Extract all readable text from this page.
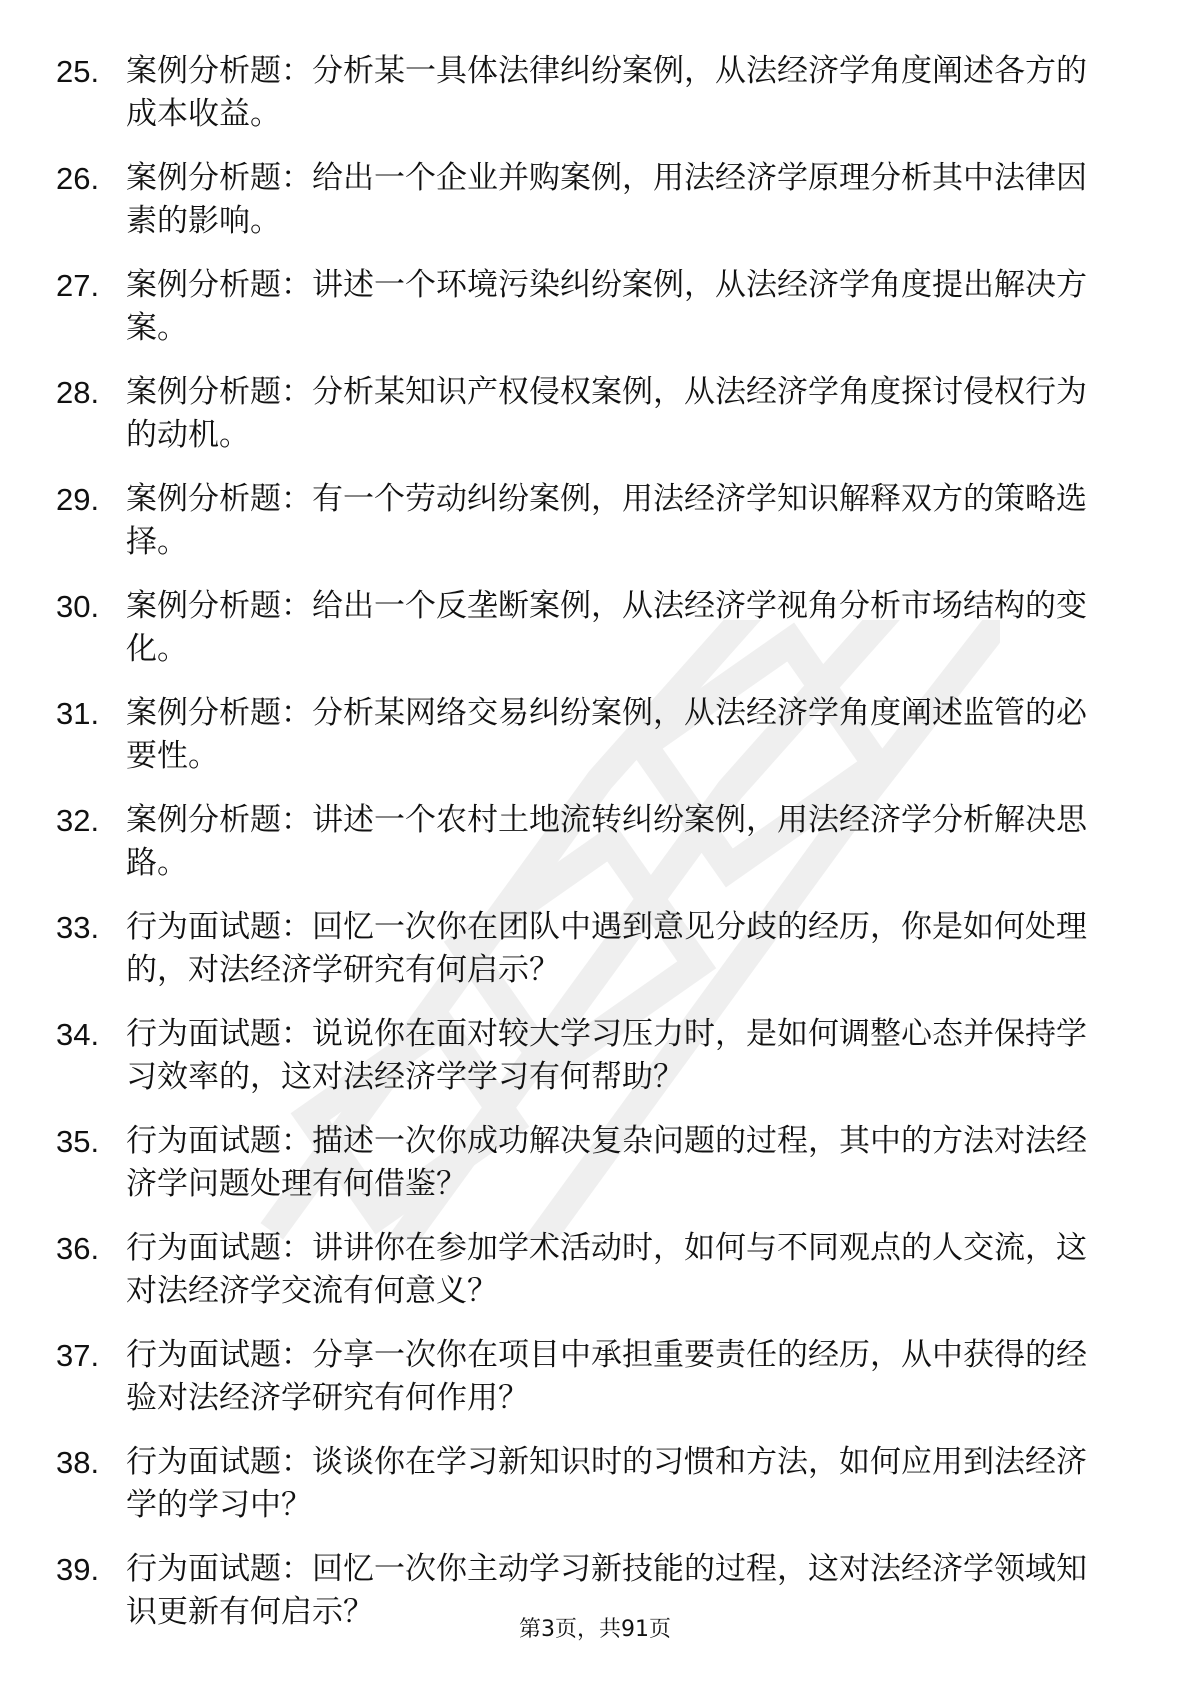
25. 案例分析题：分析某一具体法律纠纷案例，从法经济学角度阐述各方的成本收益。
26. 案例分析题：给出一个企业并购案例，用法经济学原理分析其中法律因素的影响。
27. 案例分析题：讲述一个环境污染纠纷案例，从法经济学角度提出解决方案。
28. 案例分析题：分析某知识产权侵权案例，从法经济学角度探讨侵权行为的动机。
29. 案例分析题：有一个劳动纠纷案例，用法经济学知识解释双方的策略选择。
30. 案例分析题：给出一个反垄断案例，从法经济学视角分析市场结构的变化。
31. 案例分析题：分析某网络交易纠纷案例，从法经济学角度阐述监管的必要性。
32. 案例分析题：讲述一个农村土地流转纠纷案例，用法经济学分析解决思路。
33. 行为面试题：回忆一次你在团队中遇到意见分歧的经历，你是如何处理的，对法经济学研究有何启示？
34. 行为面试题：说说你在面对较大学习压力时，是如何调整心态并保持学习效率的，这对法经济学学习有何帮助？
35. 行为面试题：描述一次你成功解决复杂问题的过程，其中的方法对法经济学问题处理有何借鉴？
36. 行为面试题：讲讲你在参加学术活动时，如何与不同观点的人交流，这对法经济学交流有何意义？
37. 行为面试题：分享一次你在项目中承担重要责任的经历，从中获得的经验对法经济学研究有何作用？
38. 行为面试题：谈谈你在学习新知识时的习惯和方法，如何应用到法经济学的学习中？
39. 行为面试题：回忆一次你主动学习新技能的过程，这对法经济学领域知识更新有何启示？	第3页，共91页
